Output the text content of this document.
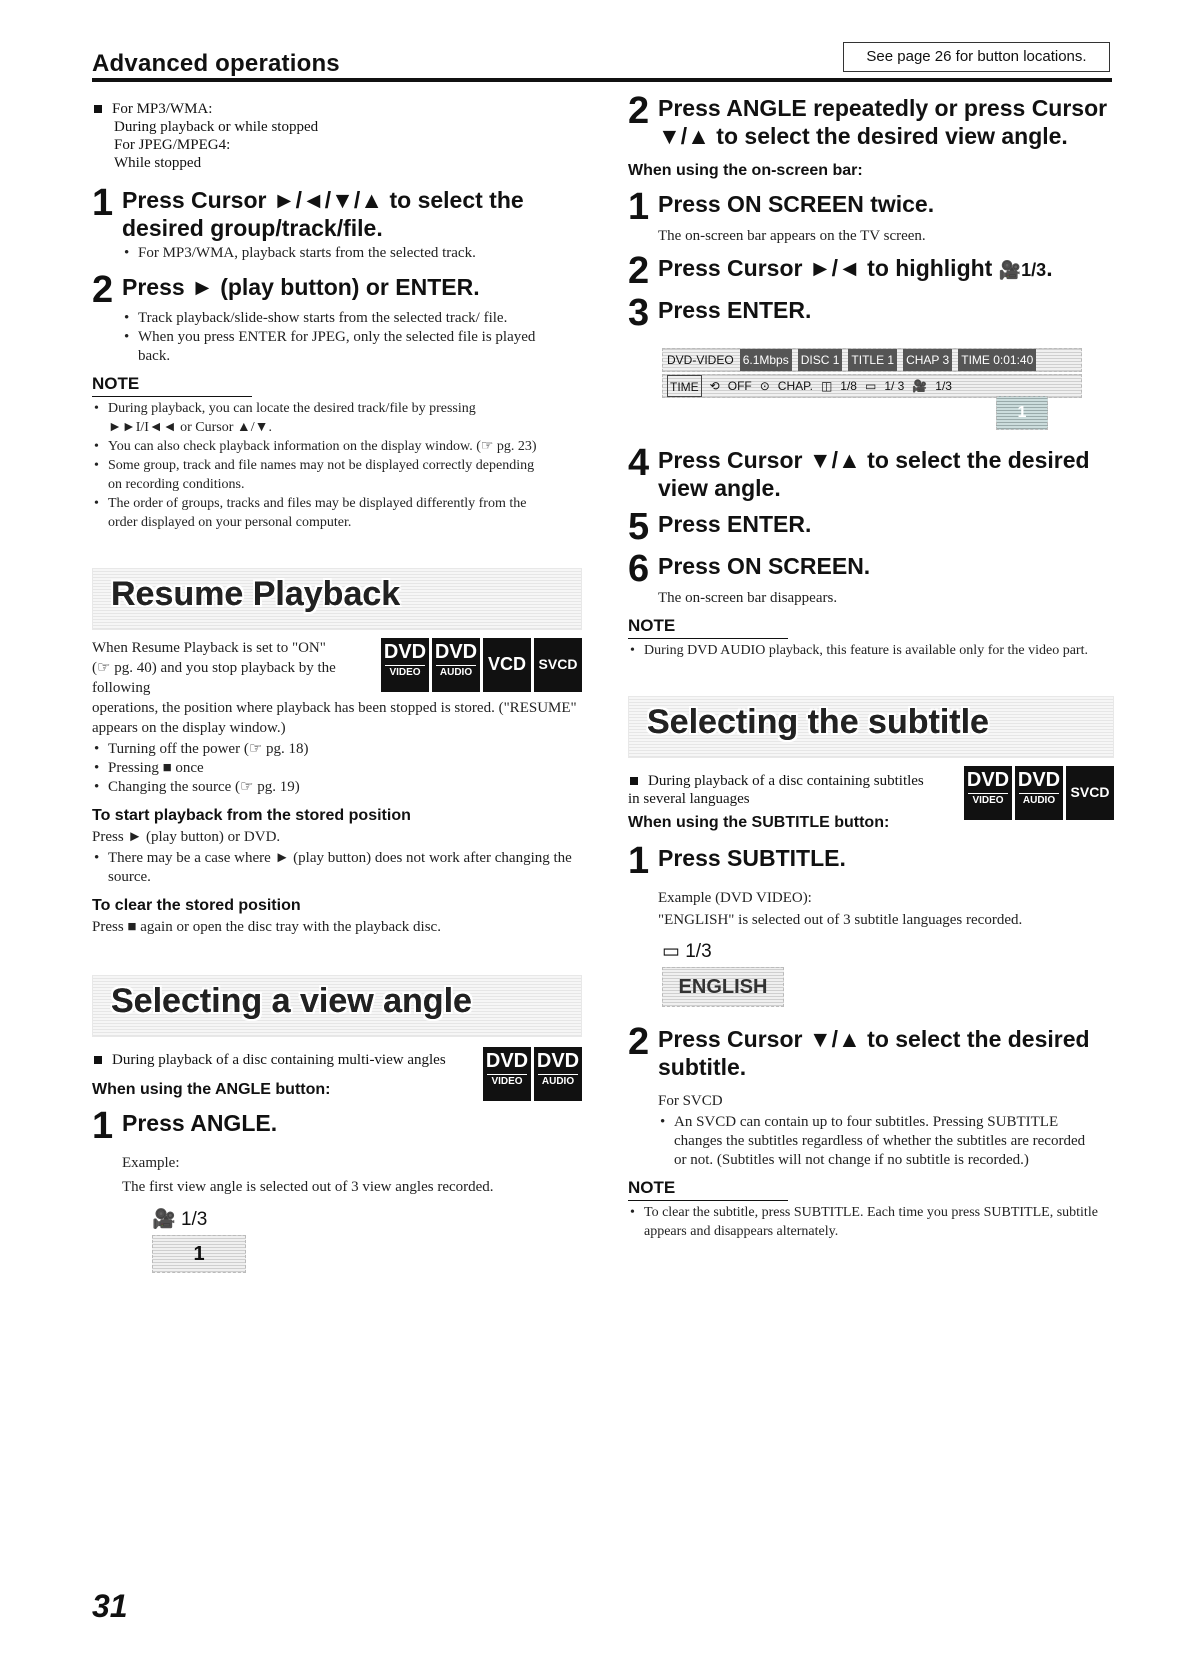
Advanced operations	See page 26 for button locations.

For MP3/WMA:

During playback or while stopped

For JPEG/MPEG4:

While stopped

1 Press Cursor ►/◄/▼/▲ to select the desired group/track/file.
• For MP3/WMA, playback starts from the selected track.
2 Press ► (play button) or ENTER.
• Track playback/slide-show starts from the selected track/ file.
• When you press ENTER for JPEG, only the selected file is played back.
NOTE
• During playback, you can locate the desired track/file by pressing ►►I/I◄◄ or Cursor ▲/▼.
• You can also check playback information on the display window. (☞ pg. 23)
• Some group, track and file names may not be displayed correctly depending on recording conditions.
• The order of groups, tracks and files may be displayed differently from the order displayed on your personal computer.
Resume Playback

When Resume Playback is set to "ON" (☞ pg. 40) and you stop playback by the following

DVD
VIDEO
DVD
AUDIO VCD SVCD

operations, the position where playback has been stopped is stored. ("RESUME" appears on the display window.)

• Turning off the power (☞ pg. 18)
• Pressing ■ once
• Changing the source (☞ pg. 19)
To start playback from the stored position

Press ► (play button) or DVD.

• There may be a case where ► (play button) does not work after changing the source.
To clear the stored position

Press ■ again or open the disc tray with the playback disc.

Selecting a view angle

During playback of a disc containing multi-view angles	DVD
VIDEO
DVD
AUDIO
When using the ANGLE button:
1 Press ANGLE.

Example:

The first view angle is selected out of 3 view angles recorded.

🎥 1/3
1
2 Press ANGLE repeatedly or press Cursor ▼/▲ to select the desired view angle.
When using the on-screen bar:
1 Press ON SCREEN twice.

The on-screen bar appears on the TV screen.

2 Press Cursor ►/◄ to highlight 🎥1/3.
3 Press ENTER.
DVD-VIDEO 6.1Mbps DISC 1 TITLE 1 CHAP 3 TIME 0:01:40
TIME ⟲ OFF ⊙ CHAP. ◫ 1/8 ▭ 1/ 3 🎥 1/3
1
4 Press Cursor ▼/▲ to select the desired view angle.
5 Press ENTER.
6 Press ON SCREEN.

The on-screen bar disappears.

NOTE
• During DVD AUDIO playback, this feature is available only for the video part.
Selecting the subtitle

During playback of a disc containing subtitles in several languages

DVD
VIDEO
DVD
AUDIO
SVCD
When using the SUBTITLE button:
1 Press SUBTITLE.

Example (DVD VIDEO):

"ENGLISH" is selected out of 3 subtitle languages recorded.

▭ 1/3
ENGLISH
2 Press Cursor ▼/▲ to select the desired subtitle.

For SVCD

• An SVCD can contain up to four subtitles. Pressing SUBTITLE changes the subtitles regardless of whether the subtitles are recorded or not. (Subtitles will not change if no subtitle is recorded.)
NOTE
• To clear the subtitle, press SUBTITLE. Each time you press SUBTITLE, subtitle appears and disappears alternately.
31
